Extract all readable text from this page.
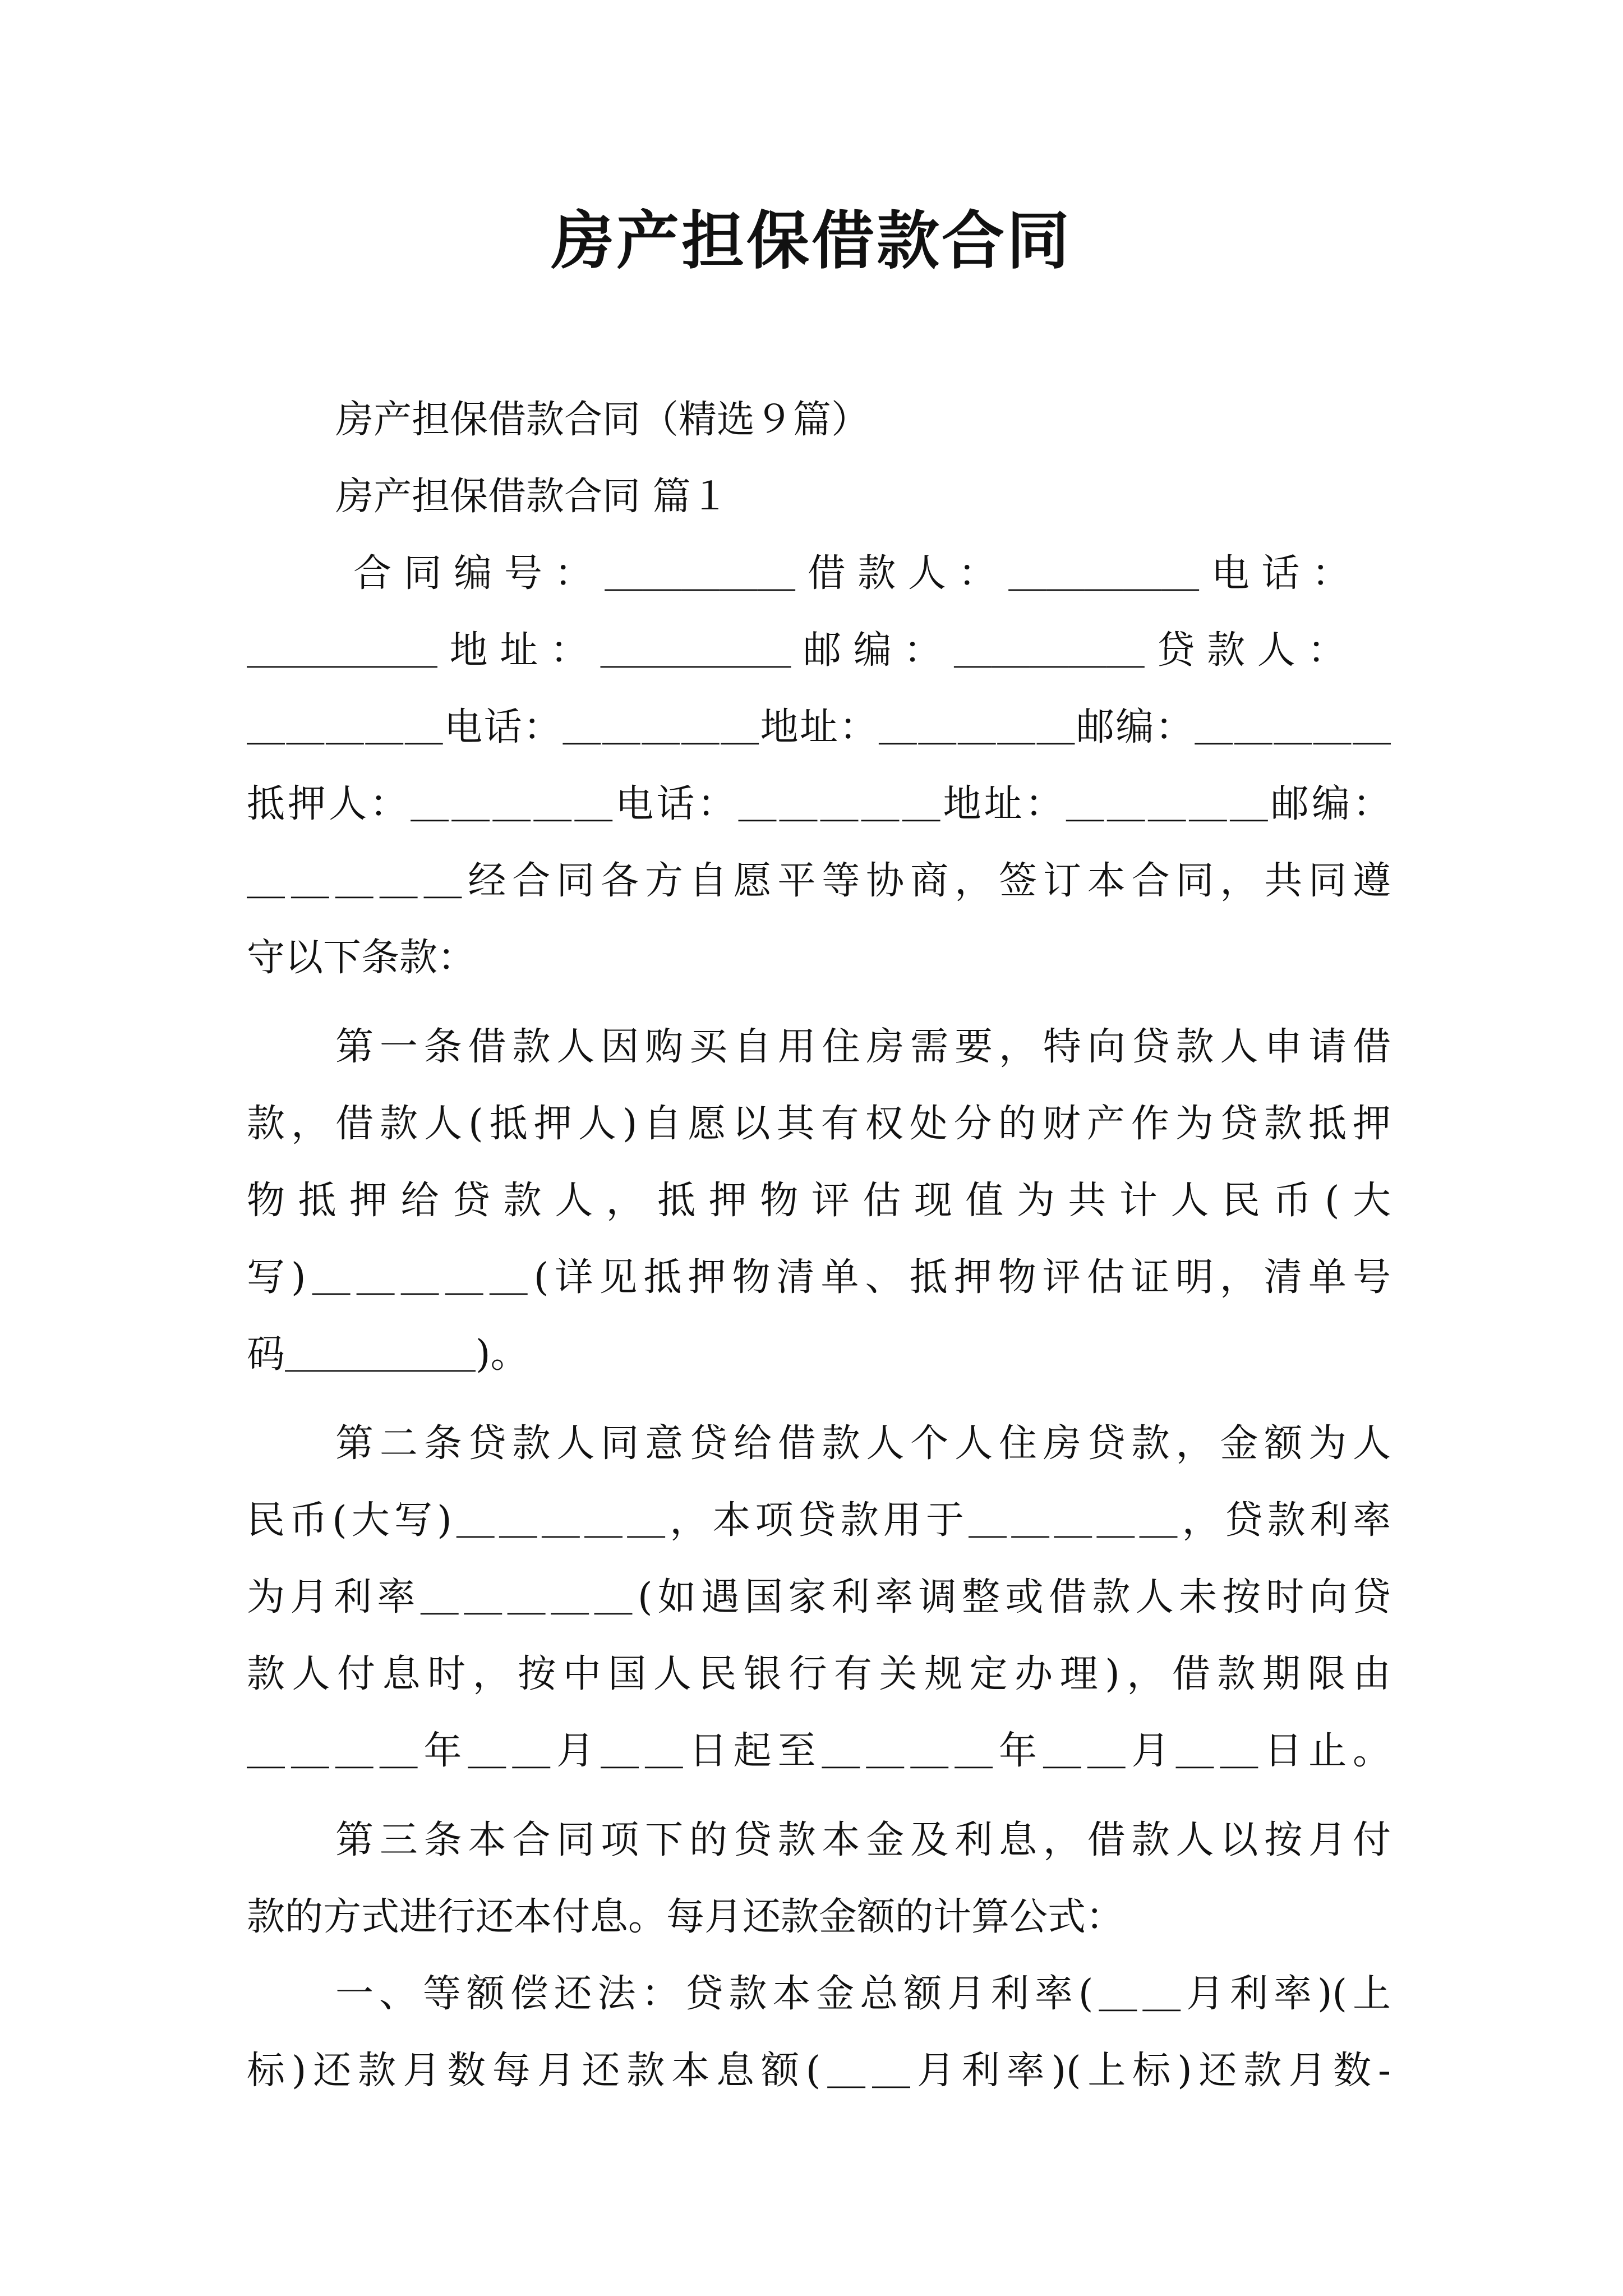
房产担保借款合同
房产担保借款合同（精选９篇）
房产担保借款合同 篇１
合 同 编 号 ： ＿＿＿＿＿ 借 款 人 ： ＿＿＿＿＿ 电 话 ：
＿＿＿＿＿ 地 址 ： ＿＿＿＿＿ 邮 编 ： ＿＿＿＿＿ 贷 款 人 ：
＿＿＿＿＿电话：＿＿＿＿＿地址：＿＿＿＿＿邮编：＿＿＿＿＿
抵押人：＿＿＿＿＿电话：＿＿＿＿＿地址：＿＿＿＿＿邮编：
＿＿＿＿＿经合同各方自愿平等协商，签订本合同，共同遵
守以下条款：
第一条借款人因购买自用住房需要，特向贷款人申请借
款，借款人(抵押人)自愿以其有权处分的财产作为贷款抵押
物抵押给贷款人，抵押物评估现值为共计人民币(大
写)＿＿＿＿＿(详见抵押物清单、抵押物评估证明，清单号
码＿＿＿＿＿)。
第二条贷款人同意贷给借款人个人住房贷款，金额为人
民币(大写)＿＿＿＿＿，本项贷款用于＿＿＿＿＿，贷款利率
为月利率＿＿＿＿＿(如遇国家利率调整或借款人未按时向贷
款人付息时，按中国人民银行有关规定办理)，借款期限由
＿＿＿＿年＿＿月＿＿日起至＿＿＿＿年＿＿月＿＿日止。
第三条本合同项下的贷款本金及利息，借款人以按月付
款的方式进行还本付息。每月还款金额的计算公式：
一、等额偿还法：贷款本金总额月利率(＿＿月利率)(上
标)还款月数每月还款本息额(＿＿月利率)(上标)还款月数-
